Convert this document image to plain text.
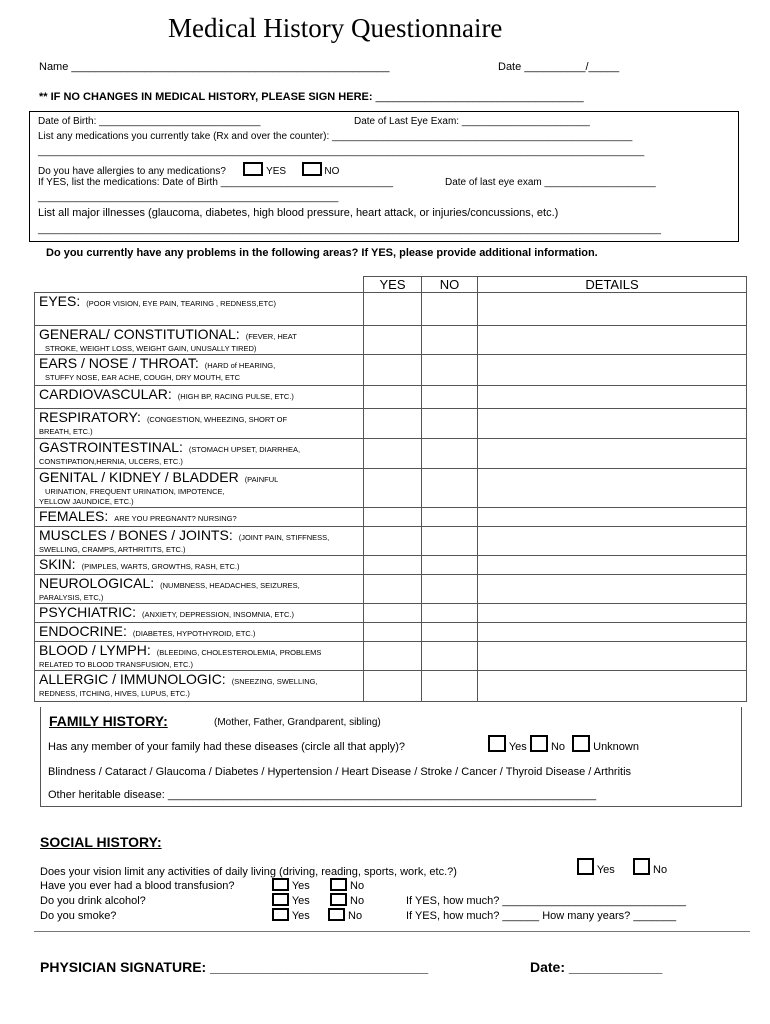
Medical History Questionnaire
Name ____________________________________________________	Date __________/_____
** IF NO CHANGES IN MEDICAL HISTORY, PLEASE SIGN HERE: __________________________________
Date of Birth: _____________________________	Date of Last Eye Exam: _______________________
List any medications you currently take (Rx and over the counter): ______________________________________________________
_____________________________________________________________________________________________________________
Do you have allergies to any medications?	YES	NO
If YES, list the medications: Date of Birth _______________________________	Date of last eye exam ____________________
______________________________________________________
List all major illnesses (glaucoma, diabetes, high blood pressure, heart attack, or injuries/concussions, etc.)
________________________________________________________________________________________________________________
Do you currently have any problems in the following areas? If YES, please provide additional information.
	YES	NO	DETAILS
EYES: (POOR VISION, EYE PAIN, TEARING , REDNESS,ETC)			
GENERAL/ CONSTITUTIONAL: (FEVER, HEAT
STROKE, WEIGHT LOSS, WEIGHT GAIN, UNUSALLY TIRED)			

EARS / NOSE / THROAT: (HARD of HEARING,
STUFFY NOSE, EAR ACHE, COUGH, DRY MOUTH, ETC			

CARDIOVASCULAR: (HIGH BP, RACING PULSE, ETC.)			
RESPIRATORY: (CONGESTION, WHEEZING, SHORT OF
BREATH, ETC.)			

GASTROINTESTINAL: (STOMACH UPSET, DIARRHEA,
CONSTIPATION,HERNIA, ULCERS, ETC.)			

GENITAL / KIDNEY / BLADDER (PAINFUL
URINATION, FREQUENT URINATION, IMPOTENCE,
YELLOW JAUNDICE, ETC.)			

FEMALES: ARE YOU PREGNANT? NURSING?			
MUSCLES / BONES / JOINTS: (JOINT PAIN, STIFFNESS,
SWELLING, CRAMPS, ARTHRITITS, ETC.)			

SKIN: (PIMPLES, WARTS, GROWTHS, RASH, ETC.)			
NEUROLOGICAL: (NUMBNESS, HEADACHES, SEIZURES,
PARALYSIS, ETC,)			

PSYCHIATRIC: (ANXIETY, DEPRESSION, INSOMNIA, ETC.)			
ENDOCRINE: (DIABETES, HYPOTHYROID, ETC.)			
BLOOD / LYMPH: (BLEEDING, CHOLESTEROLEMIA, PROBLEMS
RELATED TO BLOOD TRANSFUSION, ETC.)			

ALLERGIC / IMMUNOLOGIC: (SNEEZING, SWELLING,
REDNESS, ITCHING, HIVES, LUPUS, ETC.)			

FAMILY HISTORY:	(Mother, Father, Grandparent, sibling)
Has any member of your family had these diseases (circle all that apply)?	Yes No	Unknown
Blindness / Cataract / Glaucoma / Diabetes / Hypertension / Heart Disease / Stroke / Cancer / Thyroid Disease / Arthritis
Other heritable disease: ______________________________________________________________________
SOCIAL HISTORY:
Does your vision limit any activities of daily living (driving, reading, sports, work, etc.?)	Yes	No
Have you ever had a blood transfusion?	Yes	No
Do you drink alcohol?	Yes	No	If YES, how much? ______________________________
Do you smoke?	Yes	No	If YES, how much? ______ How many years? _______
PHYSICIAN SIGNATURE: ____________________________	Date: ____________
